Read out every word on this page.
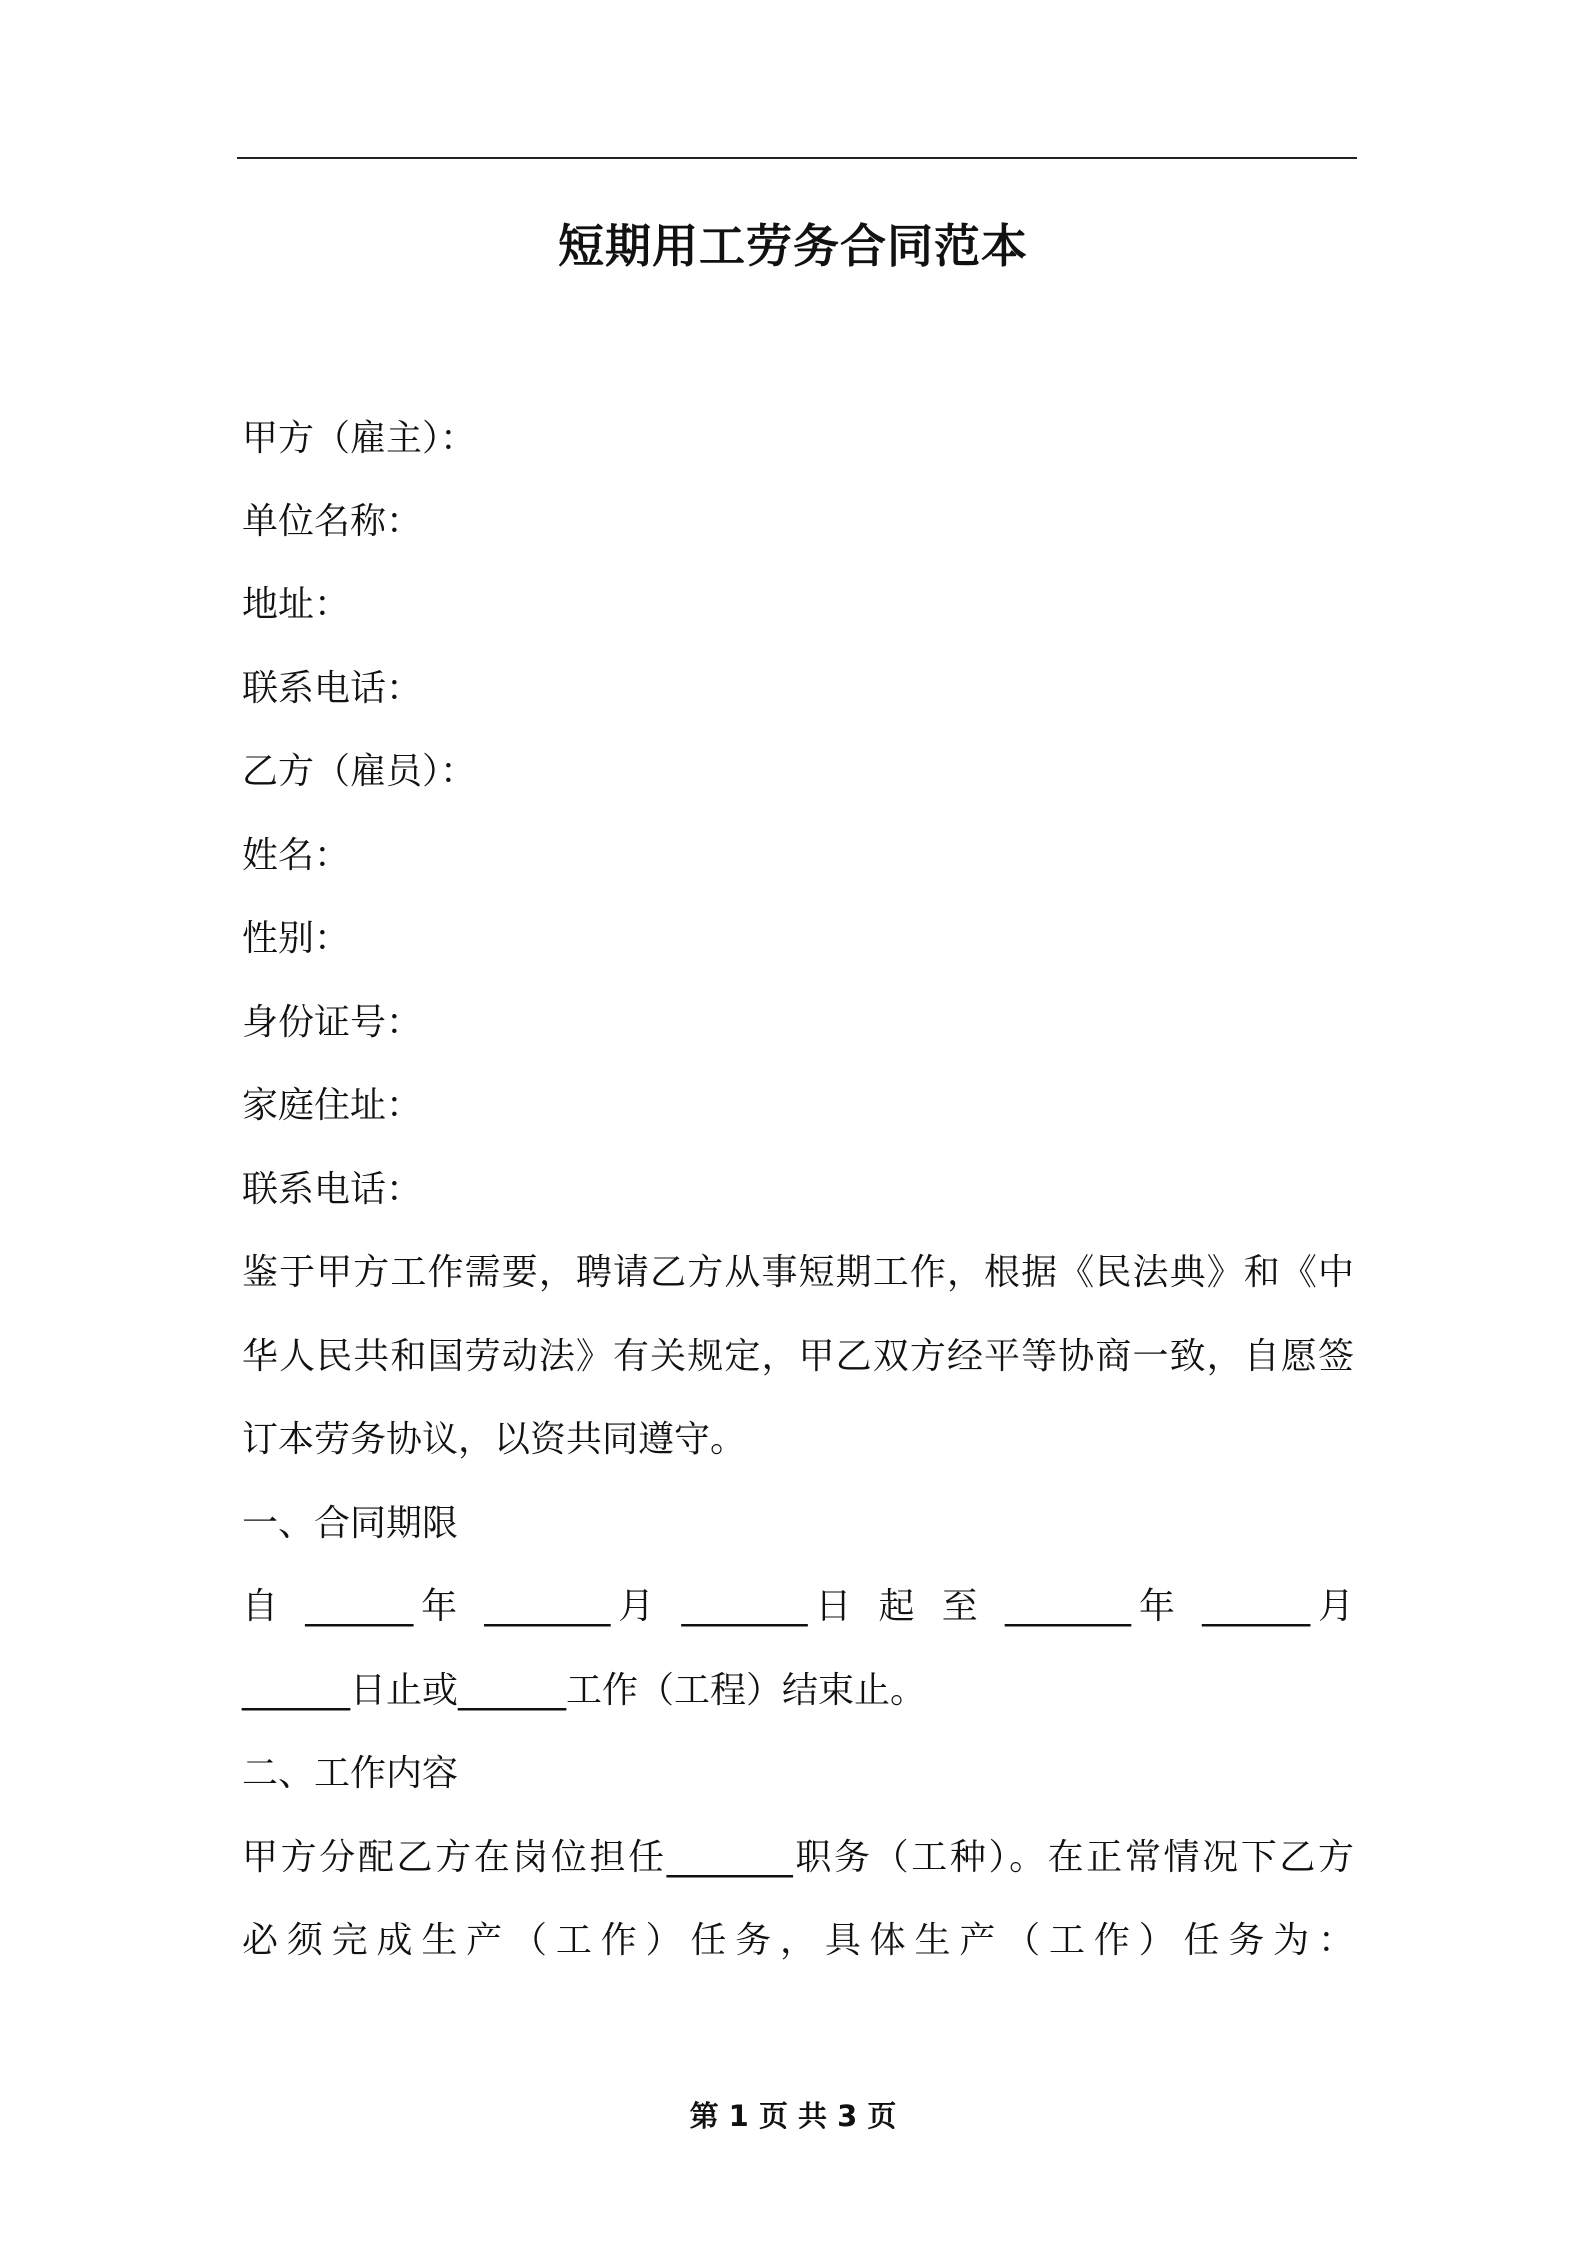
短期用工劳务合同范本
甲方（雇主）：
单位名称：
地址：
联系电话：
乙方（雇员）：
姓名：
性别：
身份证号：
家庭住址：
联系电话：
鉴于甲方工作需要，聘请乙方从事短期工作，根据《民法典》和《中
华人民共和国劳动法》有关规定，甲乙双方经平等协商一致，自愿签
订本劳务协议，以资共同遵守。
一、合同期限
自 ______年 _______月 _______日 起 至 _______年 ______月
______日止或______工作（工程）结束止。
二、工作内容
甲方分配乙方在岗位担任_______职务（工种）。在正常情况下乙方
必须完成生产（工作）任务，具体生产（工作）任务为：
第 1 页 共 3 页
